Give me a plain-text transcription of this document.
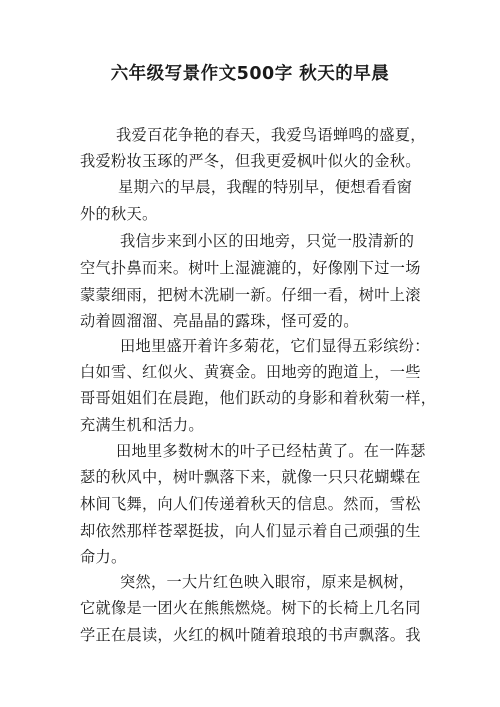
六年级写景作文500字 秋天的早晨
我爱百花争艳的春天，我爱鸟语蝉鸣的盛夏，
我爱粉妆玉琢的严冬，但我更爱枫叶似火的金秋。
星期六的早晨，我醒的特别早，便想看看窗
外的秋天。
我信步来到小区的田地旁，只觉一股清新的
空气扑鼻而来。树叶上湿漉漉的，好像刚下过一场
蒙蒙细雨，把树木洗刷一新。仔细一看，树叶上滚
动着圆溜溜、亮晶晶的露珠，怪可爱的。
田地里盛开着许多菊花，它们显得五彩缤纷：
白如雪、红似火、黄赛金。田地旁的跑道上，一些
哥哥姐姐们在晨跑，他们跃动的身影和着秋菊一样，
充满生机和活力。
田地里多数树木的叶子已经枯黄了。在一阵瑟
瑟的秋风中，树叶飘落下来，就像一只只花蝴蝶在
林间飞舞，向人们传递着秋天的信息。然而，雪松
却依然那样苍翠挺拔，向人们显示着自己顽强的生
命力。
突然，一大片红色映入眼帘，原来是枫树，
它就像是一团火在熊熊燃烧。树下的长椅上几名同
学正在晨读，火红的枫叶随着琅琅的书声飘落。我
